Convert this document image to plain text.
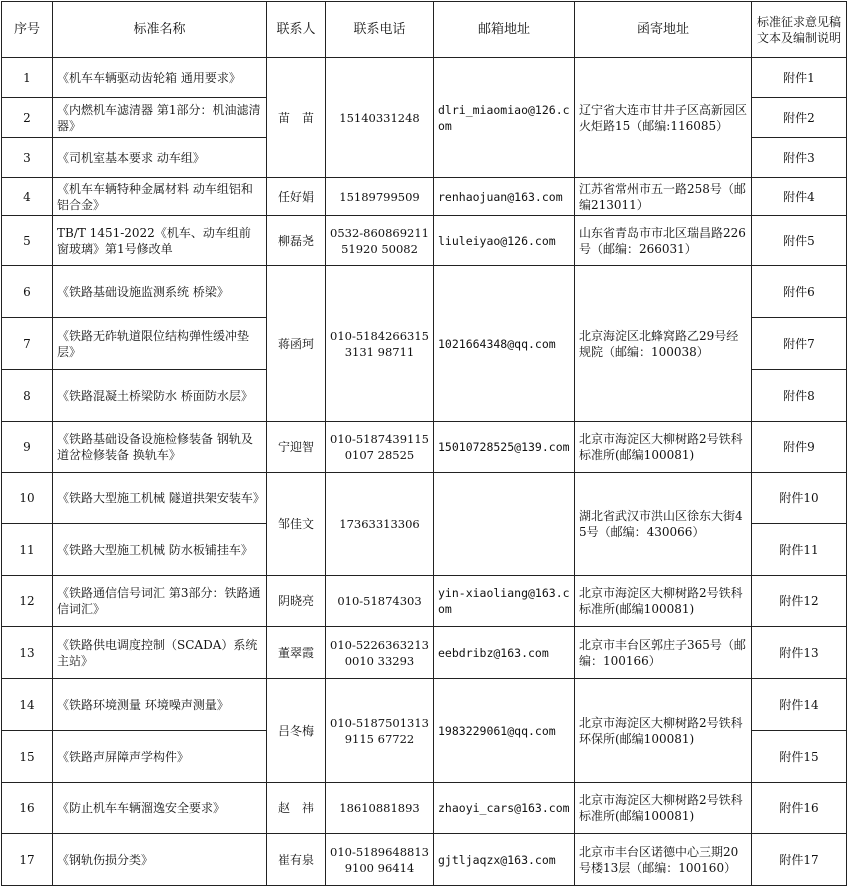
序号	标准名称	联系人	联系电话	邮箱地址	函寄地址	标准征求意见稿文本及编制说明
1	《机车车辆驱动齿轮箱 通用要求》	苗　苗	15140331248	dlri_miaomiao@126.com	辽宁省大连市甘井子区高新园区火炬路15（邮编:116085）	附件1
2	《内燃机车滤清器 第1部分：机油滤清器》					附件2
3	《司机室基本要求 动车组》					附件3
4	《机车车辆特种金属材料 动车组铝和铝合金》	任好娟	15189799509	renhaojuan@163.com	江苏省常州市五一路258号（邮编213011）	附件4
5	TB/T 1451-2022《机车、动车组前窗玻璃》第1号修改单	柳磊尧	0532-86086921151920 50082	liuleiyao@126.com	山东省青岛市市北区瑞昌路226号（邮编：266031）	附件5
6	《铁路基础设施监测系统 桥梁》	蒋函珂	010-51842663153131 98711	1021664348@qq.com	北京海淀区北蜂窝路乙29号经规院（邮编：100038）	附件6
7	《铁路无砟轨道限位结构弹性缓冲垫层》					附件7
8	《铁路混凝土桥梁防水 桥面防水层》					附件8
9	《铁路基础设备设施检修装备 钢轨及道岔检修装备 换轨车》	宁迎智	010-51874391150107 28525	15010728525@139.com	北京市海淀区大柳树路2号铁科标准所(邮编100081)	附件9
10	《铁路大型施工机械 隧道拱架安装车》	邹佳文	17363313306		湖北省武汉市洪山区徐东大街45号（邮编：430066）	附件10
11	《铁路大型施工机械 防水板铺挂车》					附件11
12	《铁路通信信号词汇 第3部分：铁路通信词汇》	阴晓亮	010-51874303	yin-xiaoliang@163.com	北京市海淀区大柳树路2号铁科标准所(邮编100081)	附件12
13	《铁路供电调度控制（SCADA）系统主站》	董翠霞	010-52263632130010 33293	eebdribz@163.com	北京市丰台区郭庄子365号（邮编：100166）	附件13
14	《铁路环境测量 环境噪声测量》	吕冬梅	010-51875013139115 67722	1983229061@qq.com	北京市海淀区大柳树路2号铁科环保所(邮编100081)	附件14
15	《铁路声屏障声学构件》					附件15
16	《防止机车车辆溜逸安全要求》	赵　祎	18610881893	zhaoyi_cars@163.com	北京市海淀区大柳树路2号铁科标准所(邮编100081)	附件16
17	《钢轨伤损分类》	崔有泉	010-51896488139100 96414	gjtljaqzx@163.com	北京市丰台区诺德中心三期20号楼13层（邮编：100160）	附件17
